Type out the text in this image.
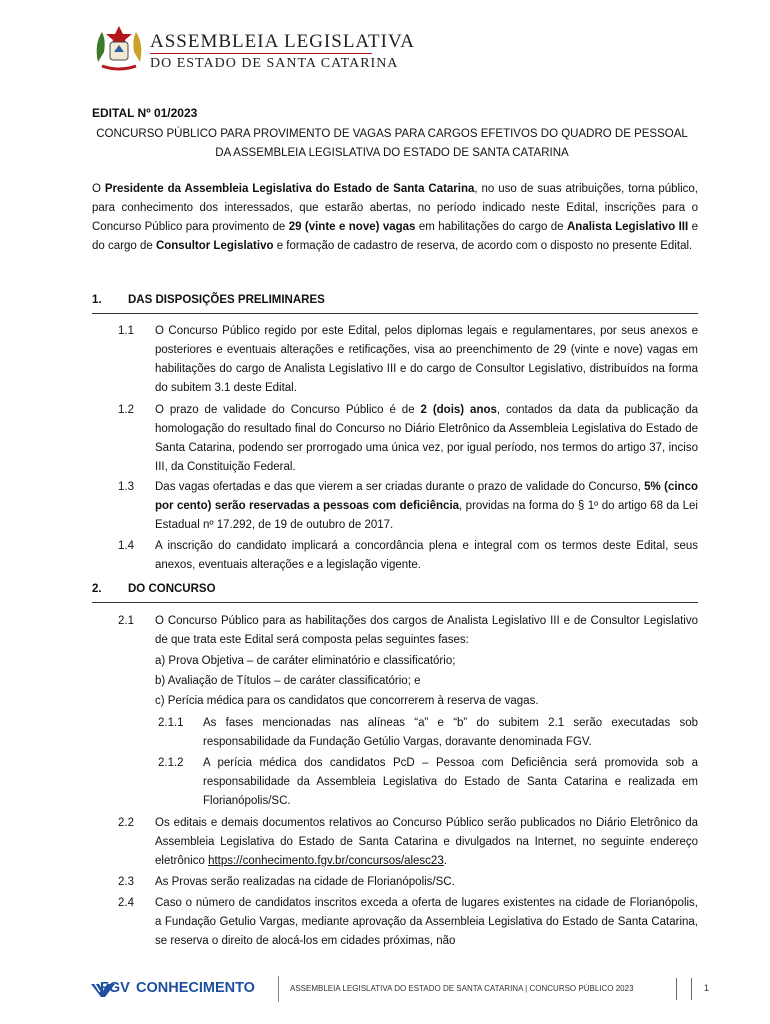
ASSEMBLEIA LEGISLATIVA
DO ESTADO DE SANTA CATARINA
EDITAL Nº 01/2023
CONCURSO PÚBLICO PARA PROVIMENTO DE VAGAS PARA CARGOS EFETIVOS DO QUADRO DE PESSOAL
DA ASSEMBLEIA LEGISLATIVA DO ESTADO DE SANTA CATARINA
O Presidente da Assembleia Legislativa do Estado de Santa Catarina, no uso de suas atribuições, torna público, para conhecimento dos interessados, que estarão abertas, no período indicado neste Edital, inscrições para o Concurso Público para provimento de 29 (vinte e nove) vagas em habilitações do cargo de Analista Legislativo III e do cargo de Consultor Legislativo e formação de cadastro de reserva, de acordo com o disposto no presente Edital.
1. DAS DISPOSIÇÕES PRELIMINARES
1.1	O Concurso Público regido por este Edital, pelos diplomas legais e regulamentares, por seus anexos e posteriores e eventuais alterações e retificações, visa ao preenchimento de 29 (vinte e nove) vagas em habilitações do cargo de Analista Legislativo III e do cargo de Consultor Legislativo, distribuídos na forma do subitem 3.1 deste Edital.
1.2	O prazo de validade do Concurso Público é de 2 (dois) anos, contados da data da publicação da homologação do resultado final do Concurso no Diário Eletrônico da Assembleia Legislativa do Estado de Santa Catarina, podendo ser prorrogado uma única vez, por igual período, nos termos do artigo 37, inciso III, da Constituição Federal.
1.3	Das vagas ofertadas e das que vierem a ser criadas durante o prazo de validade do Concurso, 5% (cinco por cento) serão reservadas a pessoas com deficiência, providas na forma do § 1º do artigo 68 da Lei Estadual nº 17.292, de 19 de outubro de 2017.
1.4	A inscrição do candidato implicará a concordância plena e integral com os termos deste Edital, seus anexos, eventuais alterações e a legislação vigente.
2. DO CONCURSO
2.1	O Concurso Público para as habilitações dos cargos de Analista Legislativo III e de Consultor Legislativo de que trata este Edital será composta pelas seguintes fases:
a) Prova Objetiva – de caráter eliminatório e classificatório;
b) Avaliação de Títulos – de caráter classificatório; e
c) Perícia médica para os candidatos que concorrerem à reserva de vagas.
2.1.1	As fases mencionadas nas alíneas “a” e “b” do subitem 2.1 serão executadas sob responsabilidade da Fundação Getúlio Vargas, doravante denominada FGV.
2.1.2	A perícia médica dos candidatos PcD – Pessoa com Deficiência será promovida sob a responsabilidade da Assembleia Legislativa do Estado de Santa Catarina e realizada em Florianópolis/SC.
2.2	Os editais e demais documentos relativos ao Concurso Público serão publicados no Diário Eletrônico da Assembleia Legislativa do Estado de Santa Catarina e divulgados na Internet, no seguinte endereço eletrônico https://conhecimento.fgv.br/concursos/alesc23.
2.3	As Provas serão realizadas na cidade de Florianópolis/SC.
2.4	Caso o número de candidatos inscritos exceda a oferta de lugares existentes na cidade de Florianópolis, a Fundação Getulio Vargas, mediante aprovação da Assembleia Legislativa do Estado de Santa Catarina, se reserva o direito de alocá-los em cidades próximas, não
FGV CONHECIMENTO	ASSEMBLEIA LEGISLATIVA DO ESTADO DE SANTA CATARINA | CONCURSO PÚBLICO 2023	1
